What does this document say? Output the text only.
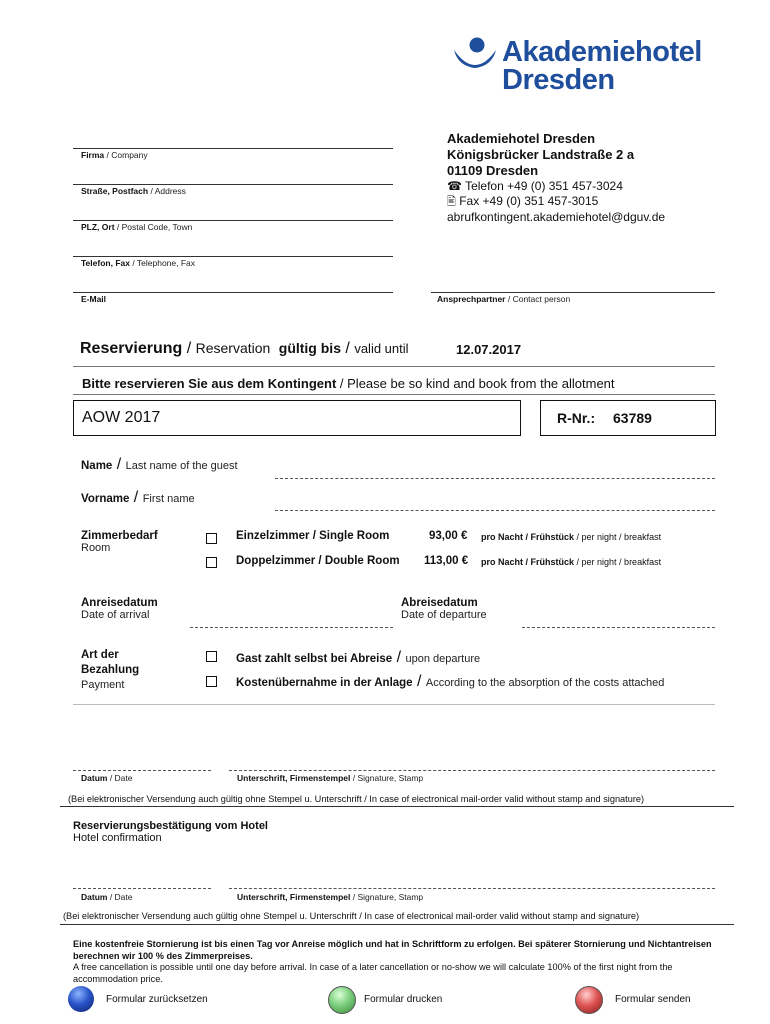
Akademiehotel
Dresden
Firma / Company
Straße, Postfach / Address
PLZ, Ort / Postal Code, Town
Telefon, Fax / Telephone, Fax
E-Mail	Ansprechpartner / Contact person
Akademiehotel Dresden
Königsbrücker Landstraße 2 a
01109 Dresden
☎ Telefon +49 (0) 351 457-3024
🖹 Fax +49 (0) 351 457-3015
abrufkontingent.akademiehotel@dguv.de
Reservierung / Reservation gültig bis / valid until	12.07.2017
Bitte reservieren Sie aus dem Kontingent / Please be so kind and book from the allotment
AOW 2017	R-Nr.: 63789
Name / Last name of the guest
Vorname / First name
Zimmerbedarf
Room
Einzelzimmer / Single Room	93,00 € pro Nacht / Frühstück / per night / breakfast
Doppelzimmer / Double Room 113,00 € pro Nacht / Frühstück / per night / breakfast
Anreisedatum
Date of arrival
Abreisedatum
Date of departure
Art der
Bezahlung
Payment
Gast zahlt selbst bei Abreise / upon departure
Kostenübernahme in der Anlage / According to the absorption of the costs attached
Datum / Date	Unterschrift, Firmenstempel / Signature, Stamp
(Bei elektronischer Versendung auch gültig ohne Stempel u. Unterschrift / In case of electronical mail-order valid without stamp and signature)
Reservierungsbestätigung vom Hotel
Hotel confirmation
Datum / Date	Unterschrift, Firmenstempel / Signature, Stamp
(Bei elektronischer Versendung auch gültig ohne Stempel u. Unterschrift / In case of electronical mail-order valid without stamp and signature)
Eine kostenfreie Stornierung ist bis einen Tag vor Anreise möglich und hat in Schriftform zu erfolgen. Bei späterer Stornierung und Nichtantreisen berechnen wir 100 % des Zimmerpreises.
A free cancellation is possible until one day before arrival. In case of a later cancellation or no-show we will calculate 100% of the first night from the accommodation price.
Formular zurücksetzen	Formular drucken	Formular senden
